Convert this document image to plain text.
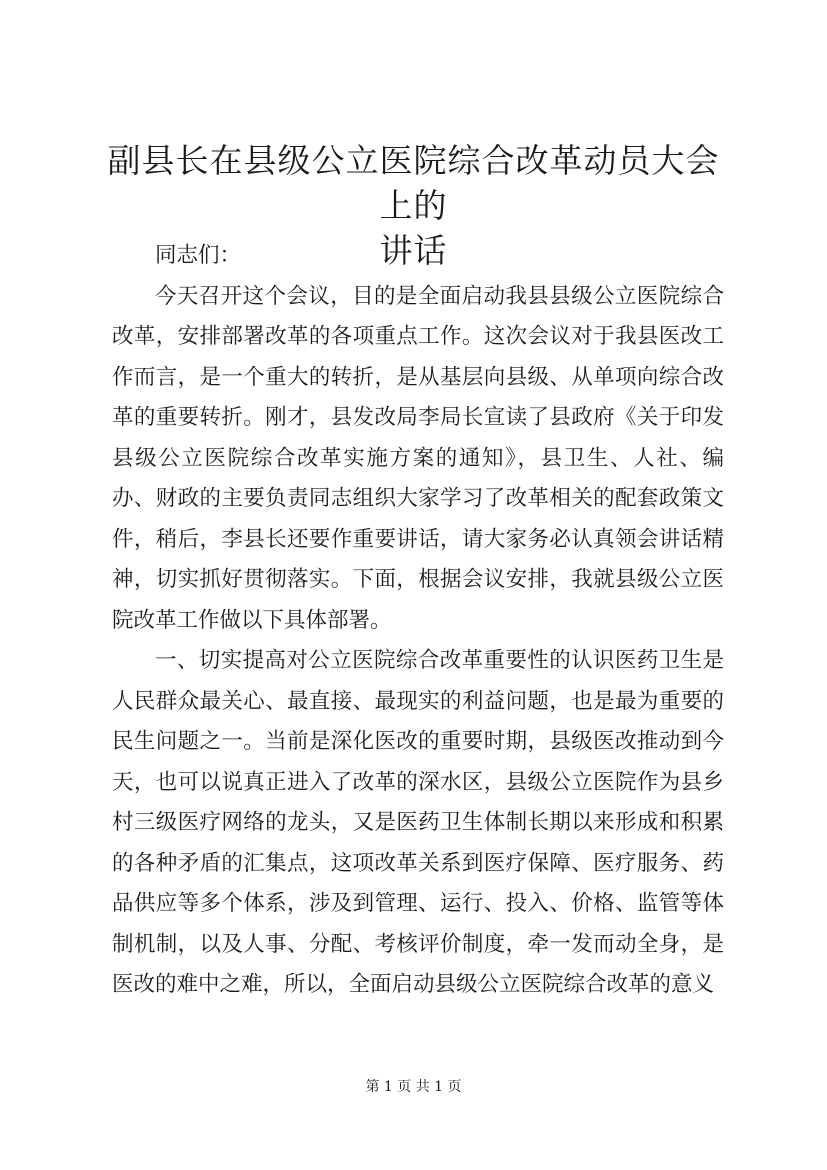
副县长在县级公立医院综合改革动员大会上的
讲话

同志们：

今天召开这个会议，目的是全面启动我县县级公立医院综合改革，安排部署改革的各项重点工作。这次会议对于我县医改工作而言，是一个重大的转折，是从基层向县级、从单项向综合改革的重要转折。刚才，县发改局李局长宣读了县政府《关于印发县级公立医院综合改革实施方案的通知》，县卫生、人社、编办、财政的主要负责同志组织大家学习了改革相关的配套政策文件，稍后，李县长还要作重要讲话，请大家务必认真领会讲话精神，切实抓好贯彻落实。下面，根据会议安排，我就县级公立医院改革工作做以下具体部署。

一、切实提高对公立医院综合改革重要性的认识医药卫生是人民群众最关心、最直接、最现实的利益问题，也是最为重要的民生问题之一。当前是深化医改的重要时期，县级医改推动到今天，也可以说真正进入了改革的深水区，县级公立医院作为县乡村三级医疗网络的龙头，又是医药卫生体制长期以来形成和积累的各种矛盾的汇集点，这项改革关系到医疗保障、医疗服务、药品供应等多个体系，涉及到管理、运行、投入、价格、监管等体制机制，以及人事、分配、考核评价制度，牵一发而动全身，是医改的难中之难，所以，全面启动县级公立医院综合改革的意义

第 1 页 共 1 页
